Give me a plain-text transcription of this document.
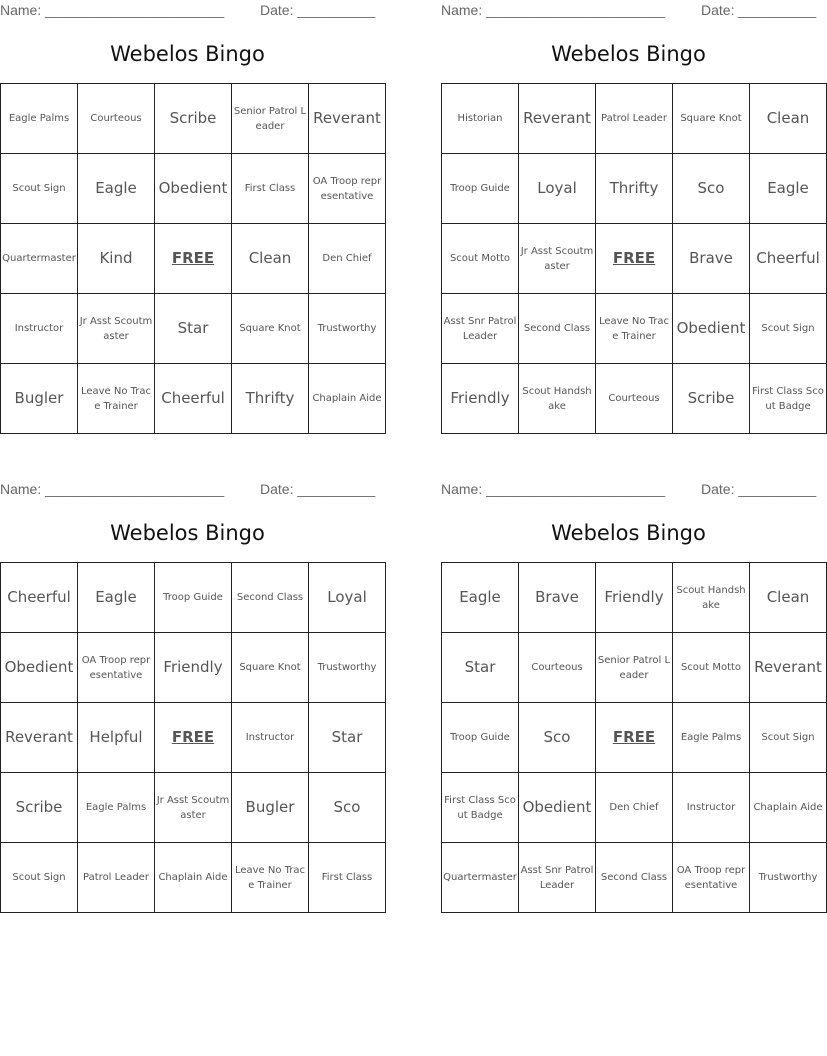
Name: _______________________	Date: __________
Webelos Bingo
Eagle Palms	Courteous	Scribe	Senior Patrol Leader	Reverant
Scout Sign	Eagle	Obedient	First Class	OA Troop representative
Quartermaster	Kind	FREE	Clean	Den Chief
Instructor	Jr Asst Scoutmaster	Star	Square Knot	Trustworthy
Bugler	Leave No Trace Trainer	Cheerful	Thrifty	Chaplain Aide
Name: _______________________	Date: __________
Webelos Bingo
Historian	Reverant	Patrol Leader	Square Knot	Clean
Troop Guide	Loyal	Thrifty	Sco	Eagle
Scout Motto	Jr Asst Scoutmaster	FREE	Brave	Cheerful
Asst Snr Patrol Leader	Second Class	Leave No Trace Trainer	Obedient	Scout Sign
Friendly	Scout Handshake	Courteous	Scribe	First Class Scout Badge
Name: _______________________	Date: __________
Webelos Bingo
Cheerful	Eagle	Troop Guide	Second Class	Loyal
Obedient	OA Troop representative	Friendly	Square Knot	Trustworthy
Reverant	Helpful	FREE	Instructor	Star
Scribe	Eagle Palms	Jr Asst Scoutmaster	Bugler	Sco
Scout Sign	Patrol Leader	Chaplain Aide	Leave No Trace Trainer	First Class
Name: _______________________	Date: __________
Webelos Bingo
Eagle	Brave	Friendly	Scout Handshake	Clean
Star	Courteous	Senior Patrol Leader	Scout Motto	Reverant
Troop Guide	Sco	FREE	Eagle Palms	Scout Sign
First Class Scout Badge	Obedient	Den Chief	Instructor	Chaplain Aide
Quartermaster	Asst Snr Patrol Leader	Second Class	OA Troop representative	Trustworthy
